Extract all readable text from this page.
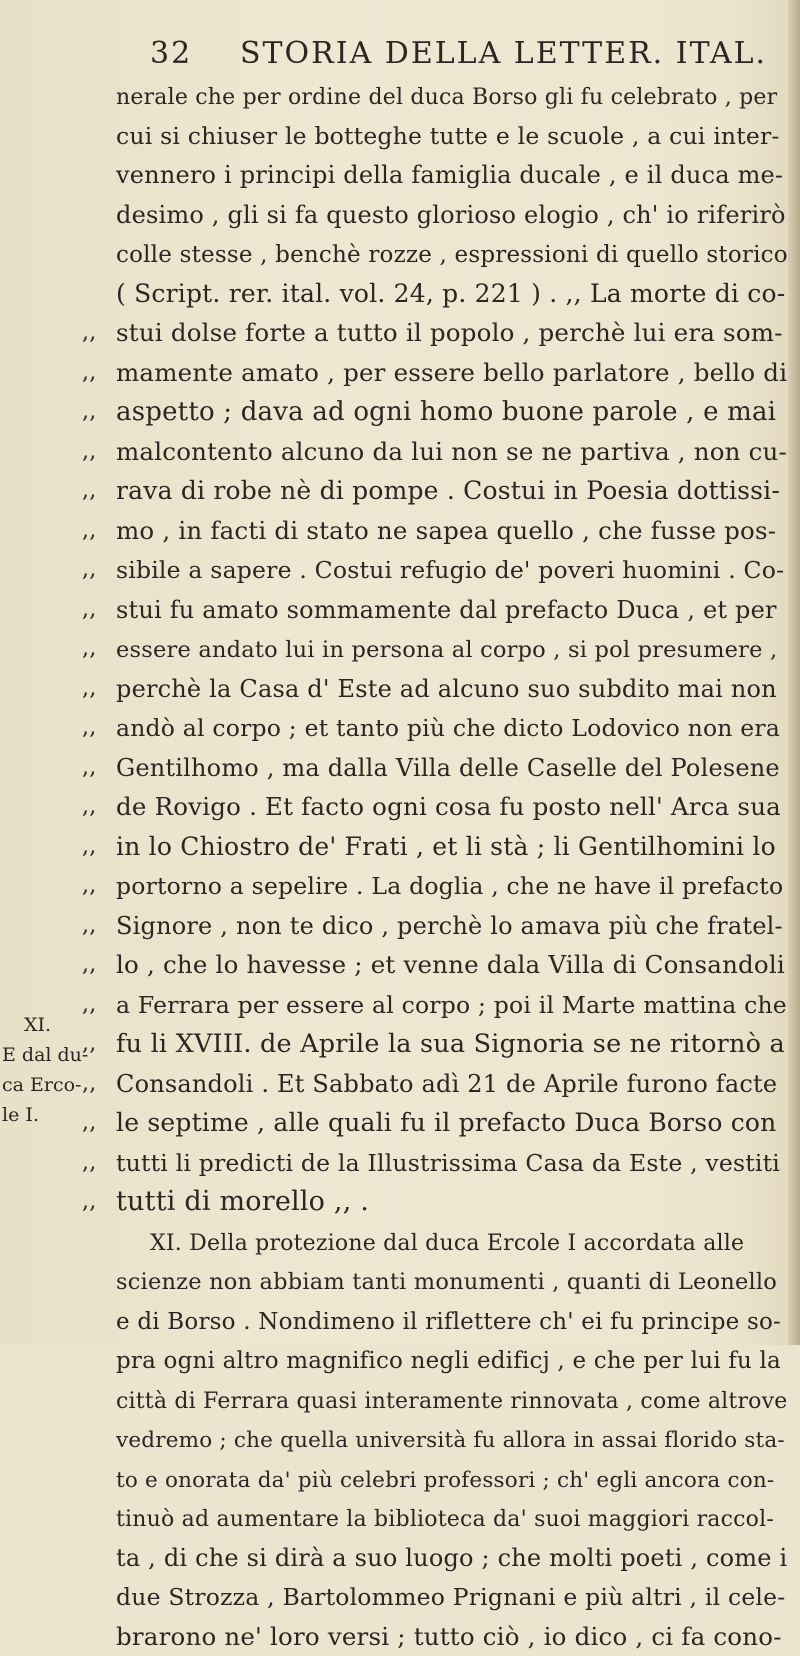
32 STORIA DELLA LETTER. ITAL.
nerale che per ordine del duca Borso gli fu celebrato , per
cui si chiuser le botteghe tutte e le scuole , a cui inter-
vennero i principi della famiglia ducale , e il duca me-
desimo , gli si fa questo glorioso elogio , ch' io riferirò
colle stesse , benchè rozze , espressioni di quello storico
( Script. rer. ital. vol. 24, p. 221 ) . ,, La morte di co-
,, stui dolse forte a tutto il popolo , perchè lui era som-
,, mamente amato , per essere bello parlatore , bello di
,, aspetto ; dava ad ogni homo buone parole , e mai
,, malcontento alcuno da lui non se ne partiva , non cu-
,, rava di robe nè di pompe . Costui in Poesia dottissi-
,, mo , in facti di stato ne sapea quello , che fusse pos-
,, sibile a sapere . Costui refugio de' poveri huomini . Co-
,, stui fu amato sommamente dal prefacto Duca , et per
,, essere andato lui in persona al corpo , si pol presumere ,
,, perchè la Casa d' Este ad alcuno suo subdito mai non
,, andò al corpo ; et tanto più che dicto Lodovico non era
,, Gentilhomo , ma dalla Villa delle Caselle del Polesene
,, de Rovigo . Et facto ogni cosa fu posto nell' Arca sua
,, in lo Chiostro de' Frati , et li stà ; li Gentilhomini lo
,, portorno a sepelire . La doglia , che ne have il prefacto
,, Signore , non te dico , perchè lo amava più che fratel-
,, lo , che lo havesse ; et venne dala Villa di Consandoli
,, a Ferrara per essere al corpo ; poi il Marte mattina che
,, fu li XVIII. de Aprile la sua Signoria se ne ritornò a
,, Consandoli . Et Sabbato adì 21 de Aprile furono facte
,, le septime , alle quali fu il prefacto Duca Borso con
,, tutti li predicti de la Illustrissima Casa da Este , vestiti
,, tutti di morello ,, .
XI. Della protezione dal duca Ercole I accordata alle
scienze non abbiam tanti monumenti , quanti di Leonello
e di Borso . Nondimeno il riflettere ch' ei fu principe so-
pra ogni altro magnifico negli edificj , e che per lui fu la
città di Ferrara quasi interamente rinnovata , come altrove
vedremo ; che quella università fu allora in assai florido sta-
to e onorata da' più celebri professori ; ch' egli ancora con-
tinuò ad aumentare la biblioteca da' suoi maggiori raccol-
ta , di che si dirà a suo luogo ; che molti poeti , come i
due Strozza , Bartolommeo Prignani e più altri , il cele-
brarono ne' loro versi ; tutto ciò , io dico , ci fa cono-
XI.
E dal du-
ca Erco-
le I.
